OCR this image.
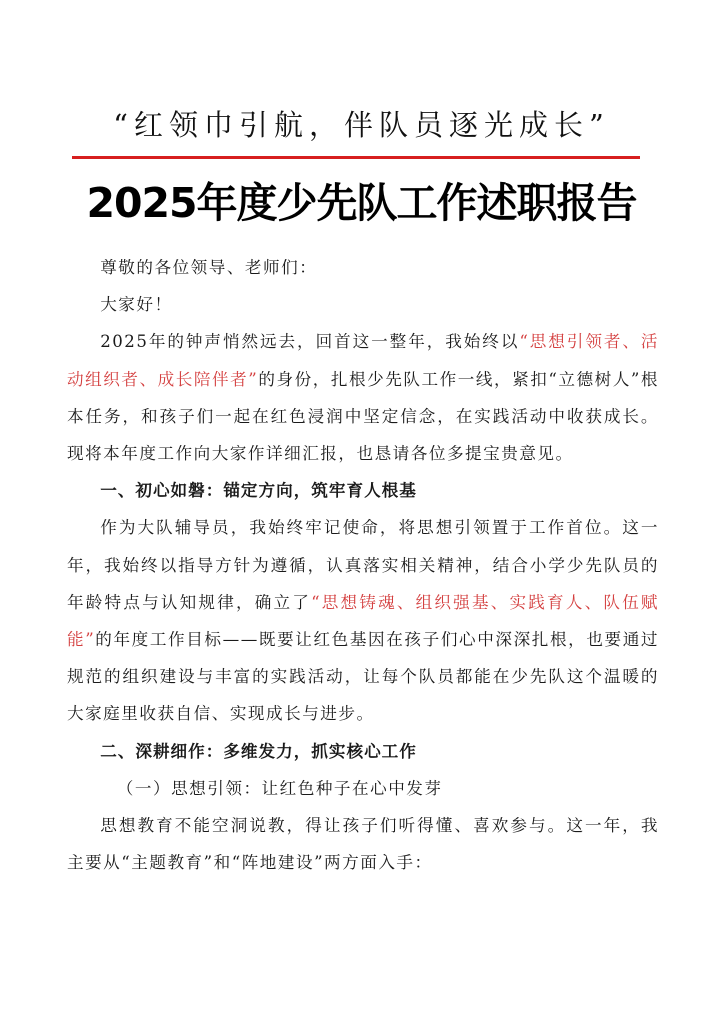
“红领巾引航，伴队员逐光成长”
2025年度少先队工作述职报告

尊敬的各位领导、老师们：

大家好！

2025年的钟声悄然远去，回首这一整年，我始终以“思想引领者、活动组织者、成长陪伴者”的身份，扎根少先队工作一线，紧扣“立德树人”根本任务，和孩子们一起在红色浸润中坚定信念，在实践活动中收获成长。现将本年度工作向大家作详细汇报，也恳请各位多提宝贵意见。

一、初心如磐：锚定方向，筑牢育人根基

作为大队辅导员，我始终牢记使命，将思想引领置于工作首位。这一年，我始终以指导方针为遵循，认真落实相关精神，结合小学少先队员的年龄特点与认知规律，确立了“思想铸魂、组织强基、实践育人、队伍赋能”的年度工作目标——既要让红色基因在孩子们心中深深扎根，也要通过规范的组织建设与丰富的实践活动，让每个队员都能在少先队这个温暖的大家庭里收获自信、实现成长与进步。

二、深耕细作：多维发力，抓实核心工作

（一）思想引领：让红色种子在心中发芽

思想教育不能空洞说教，得让孩子们听得懂、喜欢参与。这一年，我主要从“主题教育”和“阵地建设”两方面入手：
